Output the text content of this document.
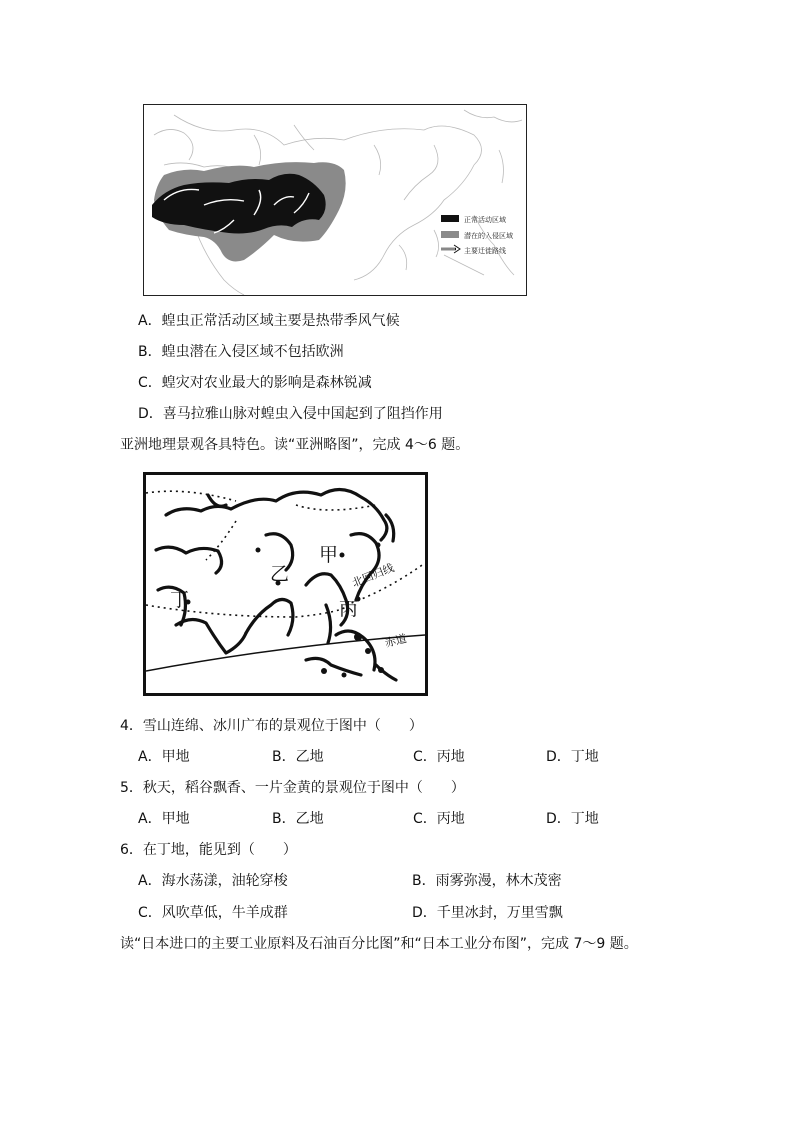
正常活动区域
潜在的入侵区域
主要迁徙路线
A．蝗虫正常活动区域主要是热带季风气候
B．蝗虫潜在入侵区域不包括欧洲
C．蝗灾对农业最大的影响是森林锐减
D．喜马拉雅山脉对蝗虫入侵中国起到了阻挡作用
亚洲地理景观各具特色。读“亚洲略图”，完成 4～6 题。
甲
乙
丙
丁
北回归线
赤道
4．雪山连绵、冰川广布的景观位于图中（　　）
A．甲地	B．乙地	C．丙地	D．丁地
5．秋天，稻谷飘香、一片金黄的景观位于图中（　　）
A．甲地	B．乙地	C．丙地	D．丁地
6．在丁地，能见到（　　）
A．海水荡漾，油轮穿梭	B．雨雾弥漫，林木茂密
C．风吹草低，牛羊成群	D．千里冰封，万里雪飘
读“日本进口的主要工业原料及石油百分比图”和“日本工业分布图”，完成 7～9 题。
